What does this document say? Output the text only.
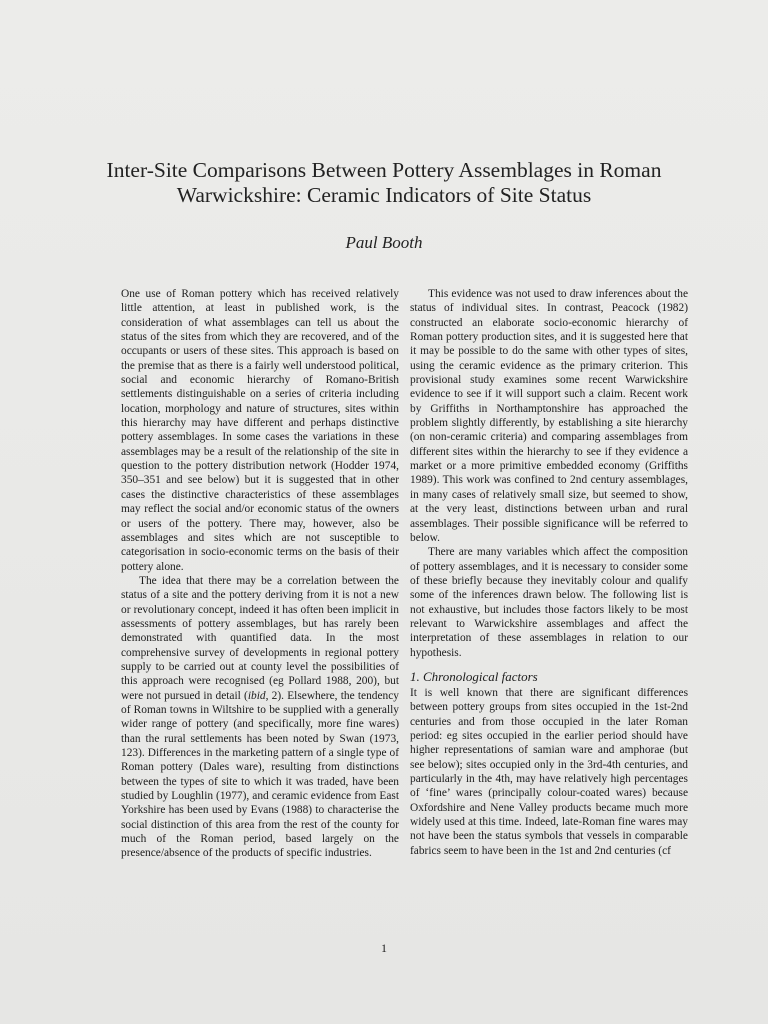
Inter-Site Comparisons Between Pottery Assemblages in Roman Warwickshire: Ceramic Indicators of Site Status
Paul Booth

One use of Roman pottery which has received relatively little attention, at least in published work, is the consideration of what assemblages can tell us about the status of the sites from which they are recovered, and of the occupants or users of these sites. This approach is based on the premise that as there is a fairly well understood political, social and economic hierarchy of Romano-British settlements distinguishable on a series of criteria including location, morphology and nature of structures, sites within this hierarchy may have different and perhaps distinctive pottery assemblages. In some cases the variations in these assemblages may be a result of the relationship of the site in question to the pottery distribution network (Hodder 1974, 350–351 and see below) but it is suggested that in other cases the distinctive characteristics of these assemblages may reflect the social and/or economic status of the owners or users of the pottery. There may, however, also be assemblages and sites which are not susceptible to categorisation in socio-economic terms on the basis of their pottery alone.

The idea that there may be a correlation between the status of a site and the pottery deriving from it is not a new or revolutionary concept, indeed it has often been implicit in assessments of pottery assemblages, but has rarely been demonstrated with quantified data. In the most comprehensive survey of developments in regional pottery supply to be carried out at county level the possibilities of this approach were recognised (eg Pollard 1988, 200), but were not pursued in detail (ibid, 2). Elsewhere, the tendency of Roman towns in Wiltshire to be supplied with a generally wider range of pottery (and specifically, more fine wares) than the rural settlements has been noted by Swan (1973, 123). Differences in the marketing pattern of a single type of Roman pottery (Dales ware), resulting from distinctions between the types of site to which it was traded, have been studied by Loughlin (1977), and ceramic evidence from East Yorkshire has been used by Evans (1988) to characterise the social distinction of this area from the rest of the county for much of the Roman period, based largely on the presence/absence of the products of specific industries.

This evidence was not used to draw inferences about the status of individual sites. In contrast, Peacock (1982) constructed an elaborate socio-economic hierarchy of Roman pottery production sites, and it is suggested here that it may be possible to do the same with other types of sites, using the ceramic evidence as the primary criterion. This provisional study examines some recent Warwickshire evidence to see if it will support such a claim. Recent work by Griffiths in Northamptonshire has approached the problem slightly differently, by establishing a site hierarchy (on non-ceramic criteria) and comparing assemblages from different sites within the hierarchy to see if they evidence a market or a more primitive embedded economy (Griffiths 1989). This work was confined to 2nd century assemblages, in many cases of relatively small size, but seemed to show, at the very least, distinctions between urban and rural assemblages. Their possible significance will be referred to below.

There are many variables which affect the composition of pottery assemblages, and it is necessary to consider some of these briefly because they inevitably colour and qualify some of the inferences drawn below. The following list is not exhaustive, but includes those factors likely to be most relevant to Warwickshire assemblages and affect the interpretation of these assemblages in relation to our hypothesis.

1. Chronological factors

It is well known that there are significant differences between pottery groups from sites occupied in the 1st-2nd centuries and from those occupied in the later Roman period: eg sites occupied in the earlier period should have higher representations of samian ware and amphorae (but see below); sites occupied only in the 3rd-4th centuries, and particularly in the 4th, may have relatively high percentages of ‘fine’ wares (principally colour-coated wares) because Oxfordshire and Nene Valley products became much more widely used at this time. Indeed, late-Roman fine wares may not have been the status symbols that vessels in comparable fabrics seem to have been in the 1st and 2nd centuries (cf

1
